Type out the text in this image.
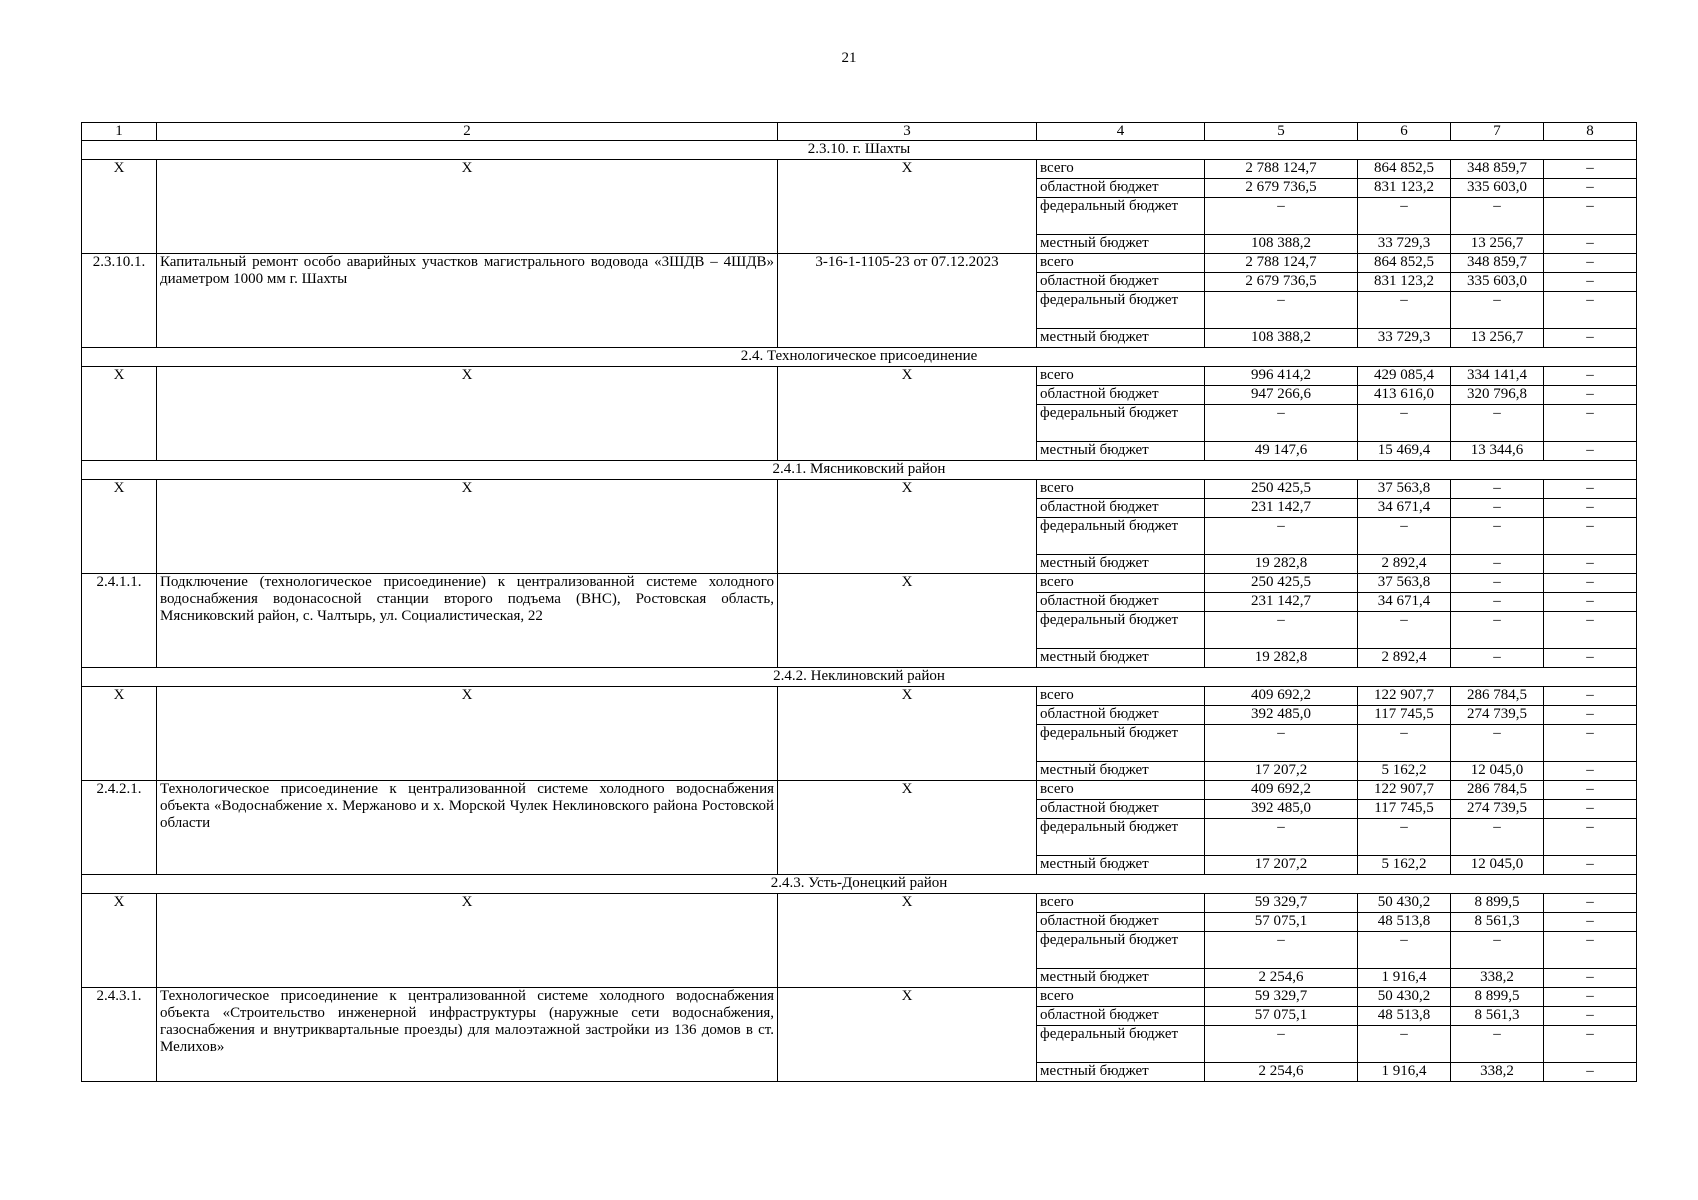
21
1	2	3	4	5	6	7	8
2.3.10. г. Шахты							
Х	Х	Х	всего	2 788 124,7	864 852,5	348 859,7	–
			областной бюджет	2 679 736,5	831 123,2	335 603,0	–
			федеральный бюджет	–	–	–	–
			местный бюджет	108 388,2	33 729,3	13 256,7	–
2.3.10.1.	Капитальный ремонт особо аварийных участков магистрального водовода «3ШДВ – 4ШДВ» диаметром 1000 мм г. Шахты	3-16-1-1105-23 от 07.12.2023	всего	2 788 124,7	864 852,5	348 859,7	–
			областной бюджет	2 679 736,5	831 123,2	335 603,0	–
			федеральный бюджет	–	–	–	–
			местный бюджет	108 388,2	33 729,3	13 256,7	–
2.4. Технологическое присоединение							
Х	Х	Х	всего	996 414,2	429 085,4	334 141,4	–
			областной бюджет	947 266,6	413 616,0	320 796,8	–
			федеральный бюджет	–	–	–	–
			местный бюджет	49 147,6	15 469,4	13 344,6	–
2.4.1. Мясниковский район							
Х	Х	Х	всего	250 425,5	37 563,8	–	–
			областной бюджет	231 142,7	34 671,4	–	–
			федеральный бюджет	–	–	–	–
			местный бюджет	19 282,8	2 892,4	–	–
2.4.1.1.	Подключение (технологическое присоединение) к централизованной системе холодного водоснабжения водонасосной станции второго подъема (ВНС), Ростовская область, Мясниковский район, с. Чалтырь, ул. Социалистическая, 22	Х	всего	250 425,5	37 563,8	–	–
			областной бюджет	231 142,7	34 671,4	–	–
			федеральный бюджет	–	–	–	–
			местный бюджет	19 282,8	2 892,4	–	–
2.4.2. Неклиновский район							
Х	Х	Х	всего	409 692,2	122 907,7	286 784,5	–
			областной бюджет	392 485,0	117 745,5	274 739,5	–
			федеральный бюджет	–	–	–	–
			местный бюджет	17 207,2	5 162,2	12 045,0	–
2.4.2.1.	Технологическое присоединение к централизованной системе холодного водоснабжения объекта «Водоснабжение х. Мержаново и х. Морской Чулек Неклиновского района Ростовской области	Х	всего	409 692,2	122 907,7	286 784,5	–
			областной бюджет	392 485,0	117 745,5	274 739,5	–
			федеральный бюджет	–	–	–	–
			местный бюджет	17 207,2	5 162,2	12 045,0	–
2.4.3. Усть-Донецкий район							
Х	Х	Х	всего	59 329,7	50 430,2	8 899,5	–
			областной бюджет	57 075,1	48 513,8	8 561,3	–
			федеральный бюджет	–	–	–	–
			местный бюджет	2 254,6	1 916,4	338,2	–
2.4.3.1.	Технологическое присоединение к централизованной системе холодного водоснабжения объекта «Строительство инженерной инфраструктуры (наружные сети водоснабжения, газоснабжения и внутриквартальные проезды) для малоэтажной застройки из 136 домов в ст. Мелихов»	Х	всего	59 329,7	50 430,2	8 899,5	–
			областной бюджет	57 075,1	48 513,8	8 561,3	–
			федеральный бюджет	–	–	–	–
			местный бюджет	2 254,6	1 916,4	338,2	–
